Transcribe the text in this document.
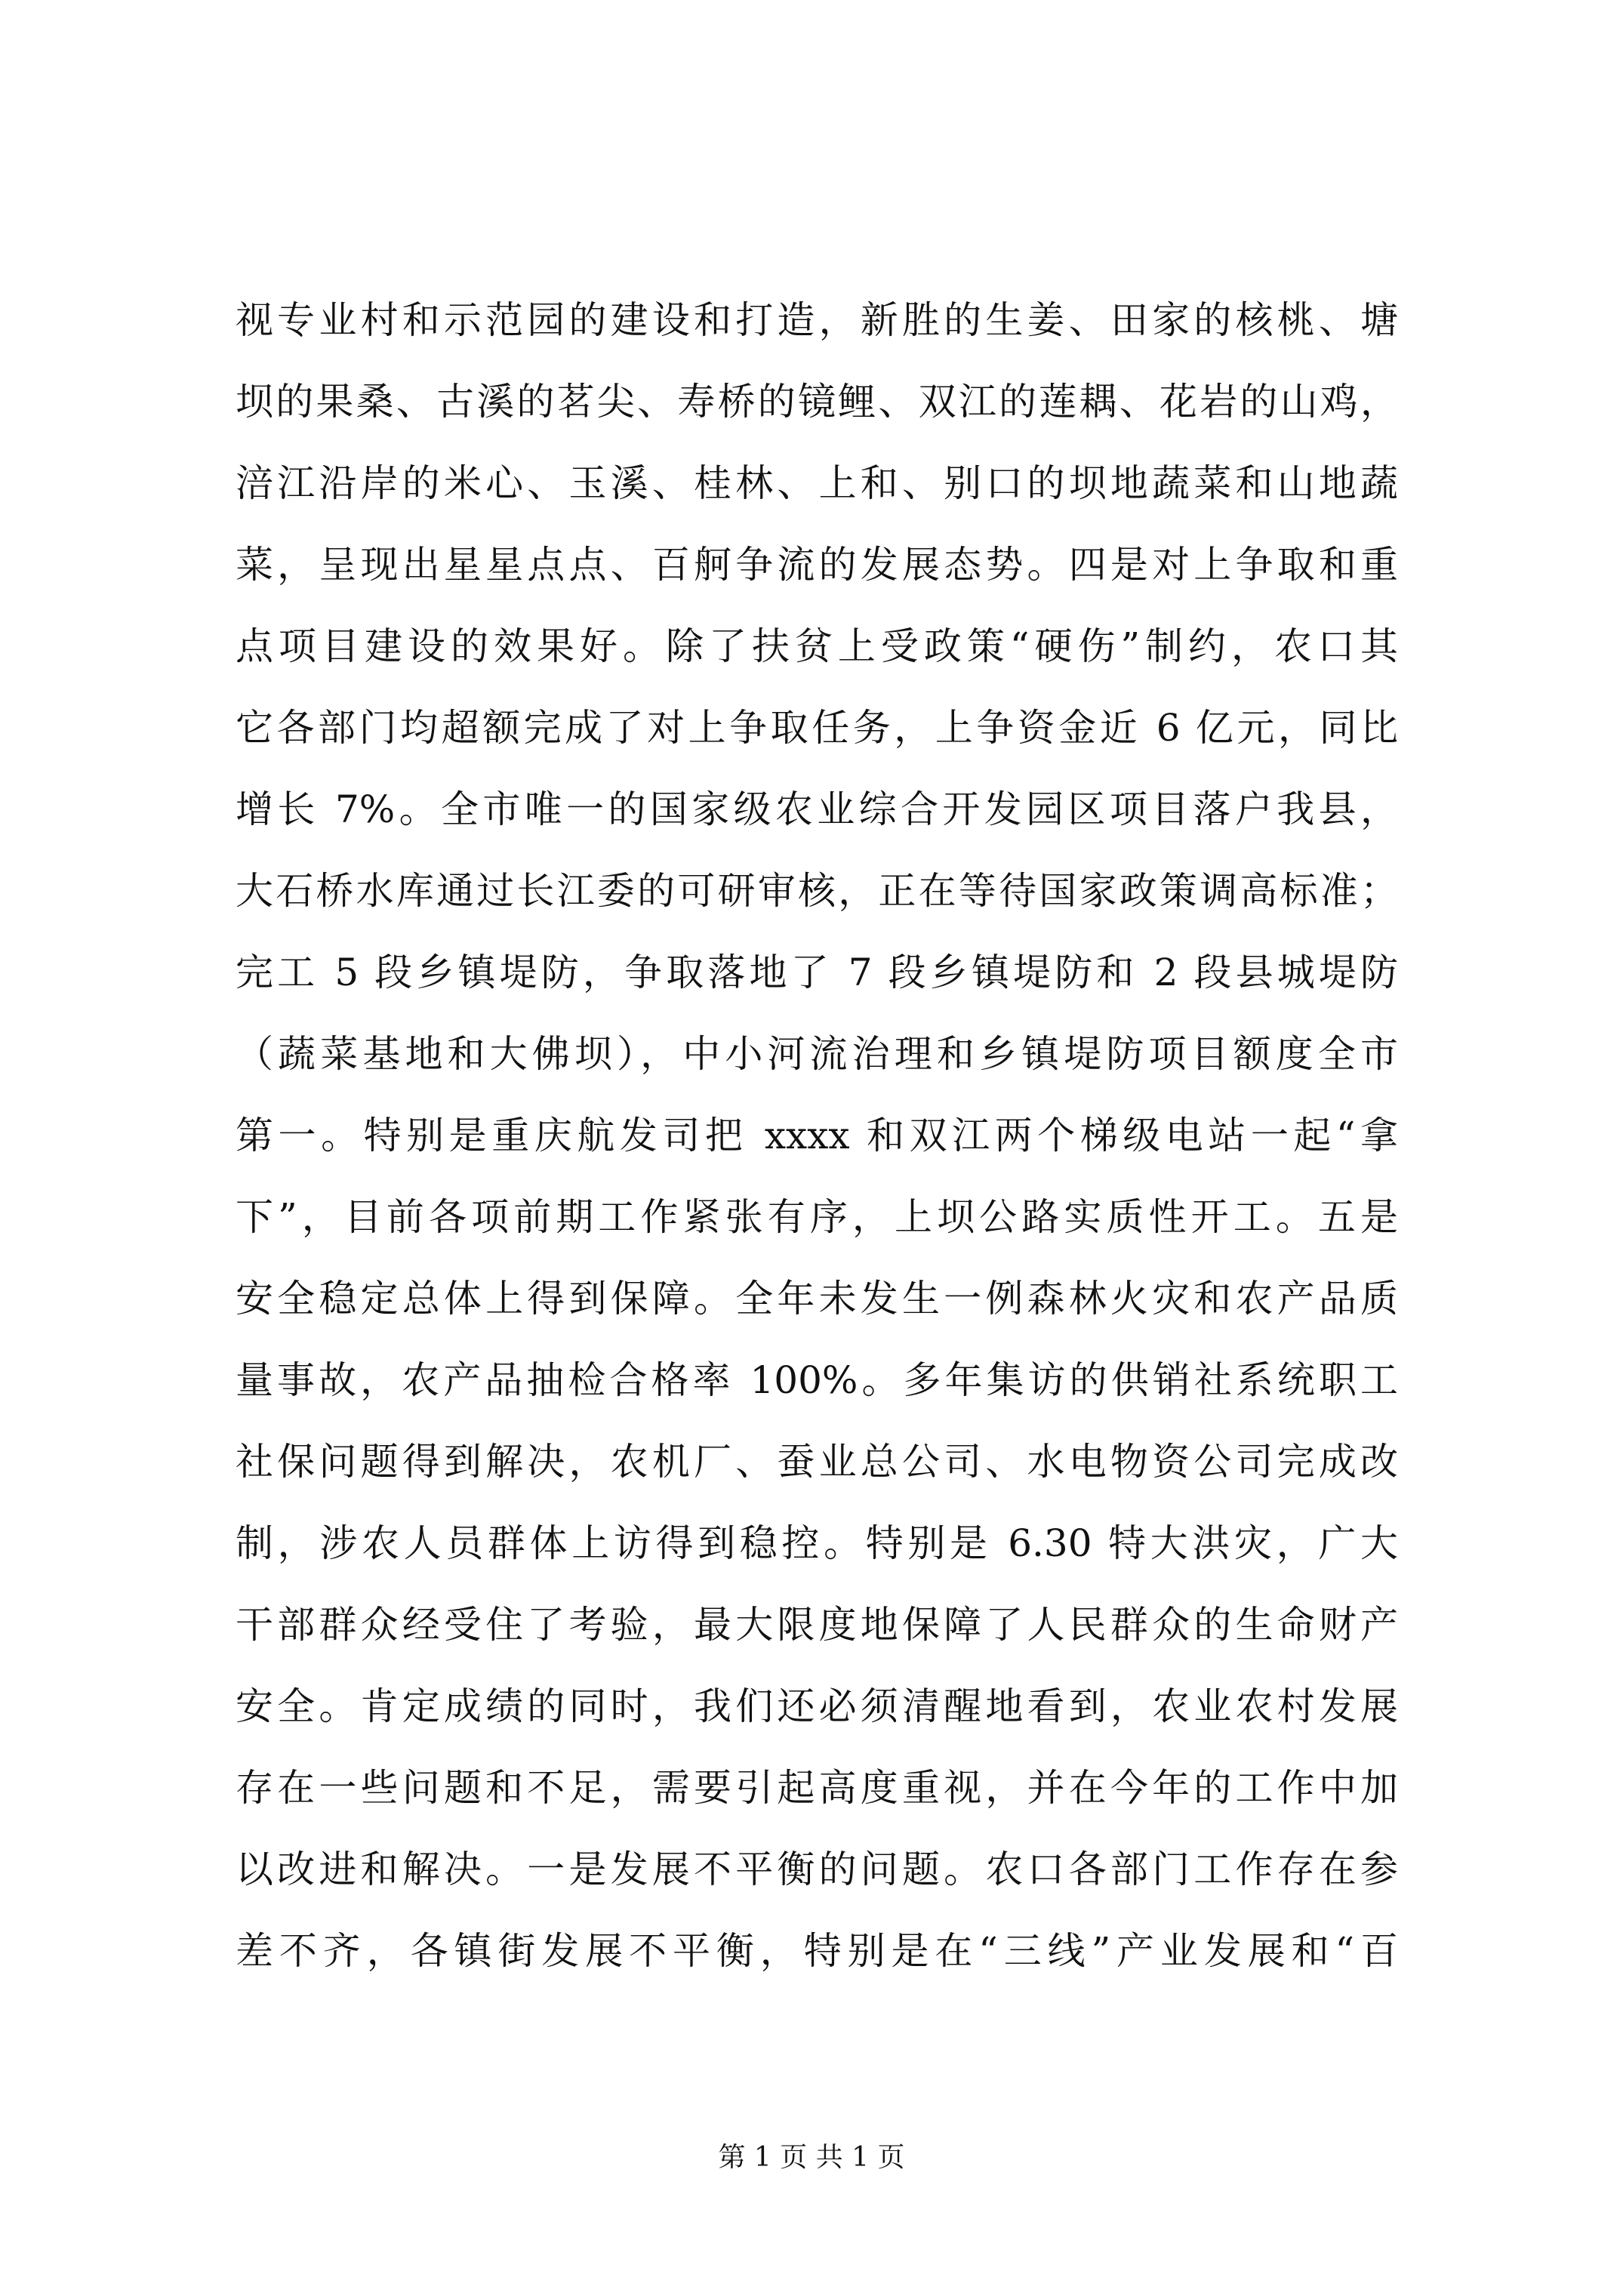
视专业村和示范园的建设和打造，新胜的生姜、田家的核桃、塘
坝的果桑、古溪的茗尖、寿桥的镜鲤、双江的莲耦、花岩的山鸡，
涪江沿岸的米心、玉溪、桂林、上和、别口的坝地蔬菜和山地蔬
菜，呈现出星星点点、百舸争流的发展态势。四是对上争取和重
点项目建设的效果好。除了扶贫上受政策“硬伤”制约，农口其
它各部门均超额完成了对上争取任务，上争资金近 6 亿元，同比
增长 7%。全市唯一的国家级农业综合开发园区项目落户我县，
大石桥水库通过长江委的可研审核，正在等待国家政策调高标准；
完工 5 段乡镇堤防，争取落地了 7 段乡镇堤防和 2 段县城堤防
（蔬菜基地和大佛坝），中小河流治理和乡镇堤防项目额度全市
第一。特别是重庆航发司把 xxxx 和双江两个梯级电站一起“拿
下”，目前各项前期工作紧张有序，上坝公路实质性开工。五是
安全稳定总体上得到保障。全年未发生一例森林火灾和农产品质
量事故，农产品抽检合格率 100%。多年集访的供销社系统职工
社保问题得到解决，农机厂、蚕业总公司、水电物资公司完成改
制，涉农人员群体上访得到稳控。特别是 6.30 特大洪灾，广大
干部群众经受住了考验，最大限度地保障了人民群众的生命财产
安全。肯定成绩的同时，我们还必须清醒地看到，农业农村发展
存在一些问题和不足，需要引起高度重视，并在今年的工作中加
以改进和解决。一是发展不平衡的问题。农口各部门工作存在参
差不齐，各镇街发展不平衡，特别是在“三线”产业发展和“百
第 1 页 共 1 页
